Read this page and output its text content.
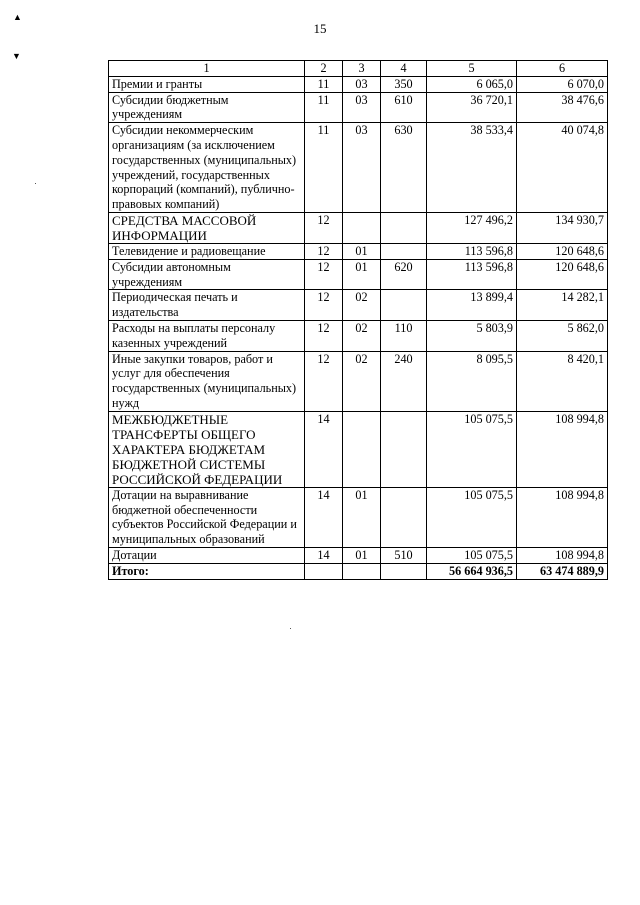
▲
▼
15
1	2	3	4	5	6
Премии и гранты	11	03	350	6 065,0	6 070,0
Субсидии бюджетным учреждениям	11	03	610	36 720,1	38 476,6
Субсидии некоммерческим организациям (за исключением государственных (муниципальных) учреждений, государственных корпораций (компаний), публично-правовых компаний)	11	03	630	38 533,4	40 074,8
СРЕДСТВА МАССОВОЙ ИНФОРМАЦИИ	12			127 496,2	134 930,7
Телевидение и радиовещание	12	01		113 596,8	120 648,6
Субсидии автономным учреждениям	12	01	620	113 596,8	120 648,6
Периодическая печать и издательства	12	02		13 899,4	14 282,1
Расходы на выплаты персоналу казенных учреждений	12	02	110	5 803,9	5 862,0
Иные закупки товаров, работ и услуг для обеспечения государственных (муниципальных) нужд	12	02	240	8 095,5	8 420,1
МЕЖБЮДЖЕТНЫЕ ТРАНСФЕРТЫ ОБЩЕГО ХАРАКТЕРА БЮДЖЕТАМ БЮДЖЕТНОЙ СИСТЕМЫ РОССИЙСКОЙ ФЕДЕРАЦИИ	14			105 075,5	108 994,8
Дотации на выравнивание бюджетной обеспеченности субъектов Российской Федерации и муниципальных образований	14	01		105 075,5	108 994,8
Дотации	14	01	510	105 075,5	108 994,8
Итого:				56 664 936,5	63 474 889,9
